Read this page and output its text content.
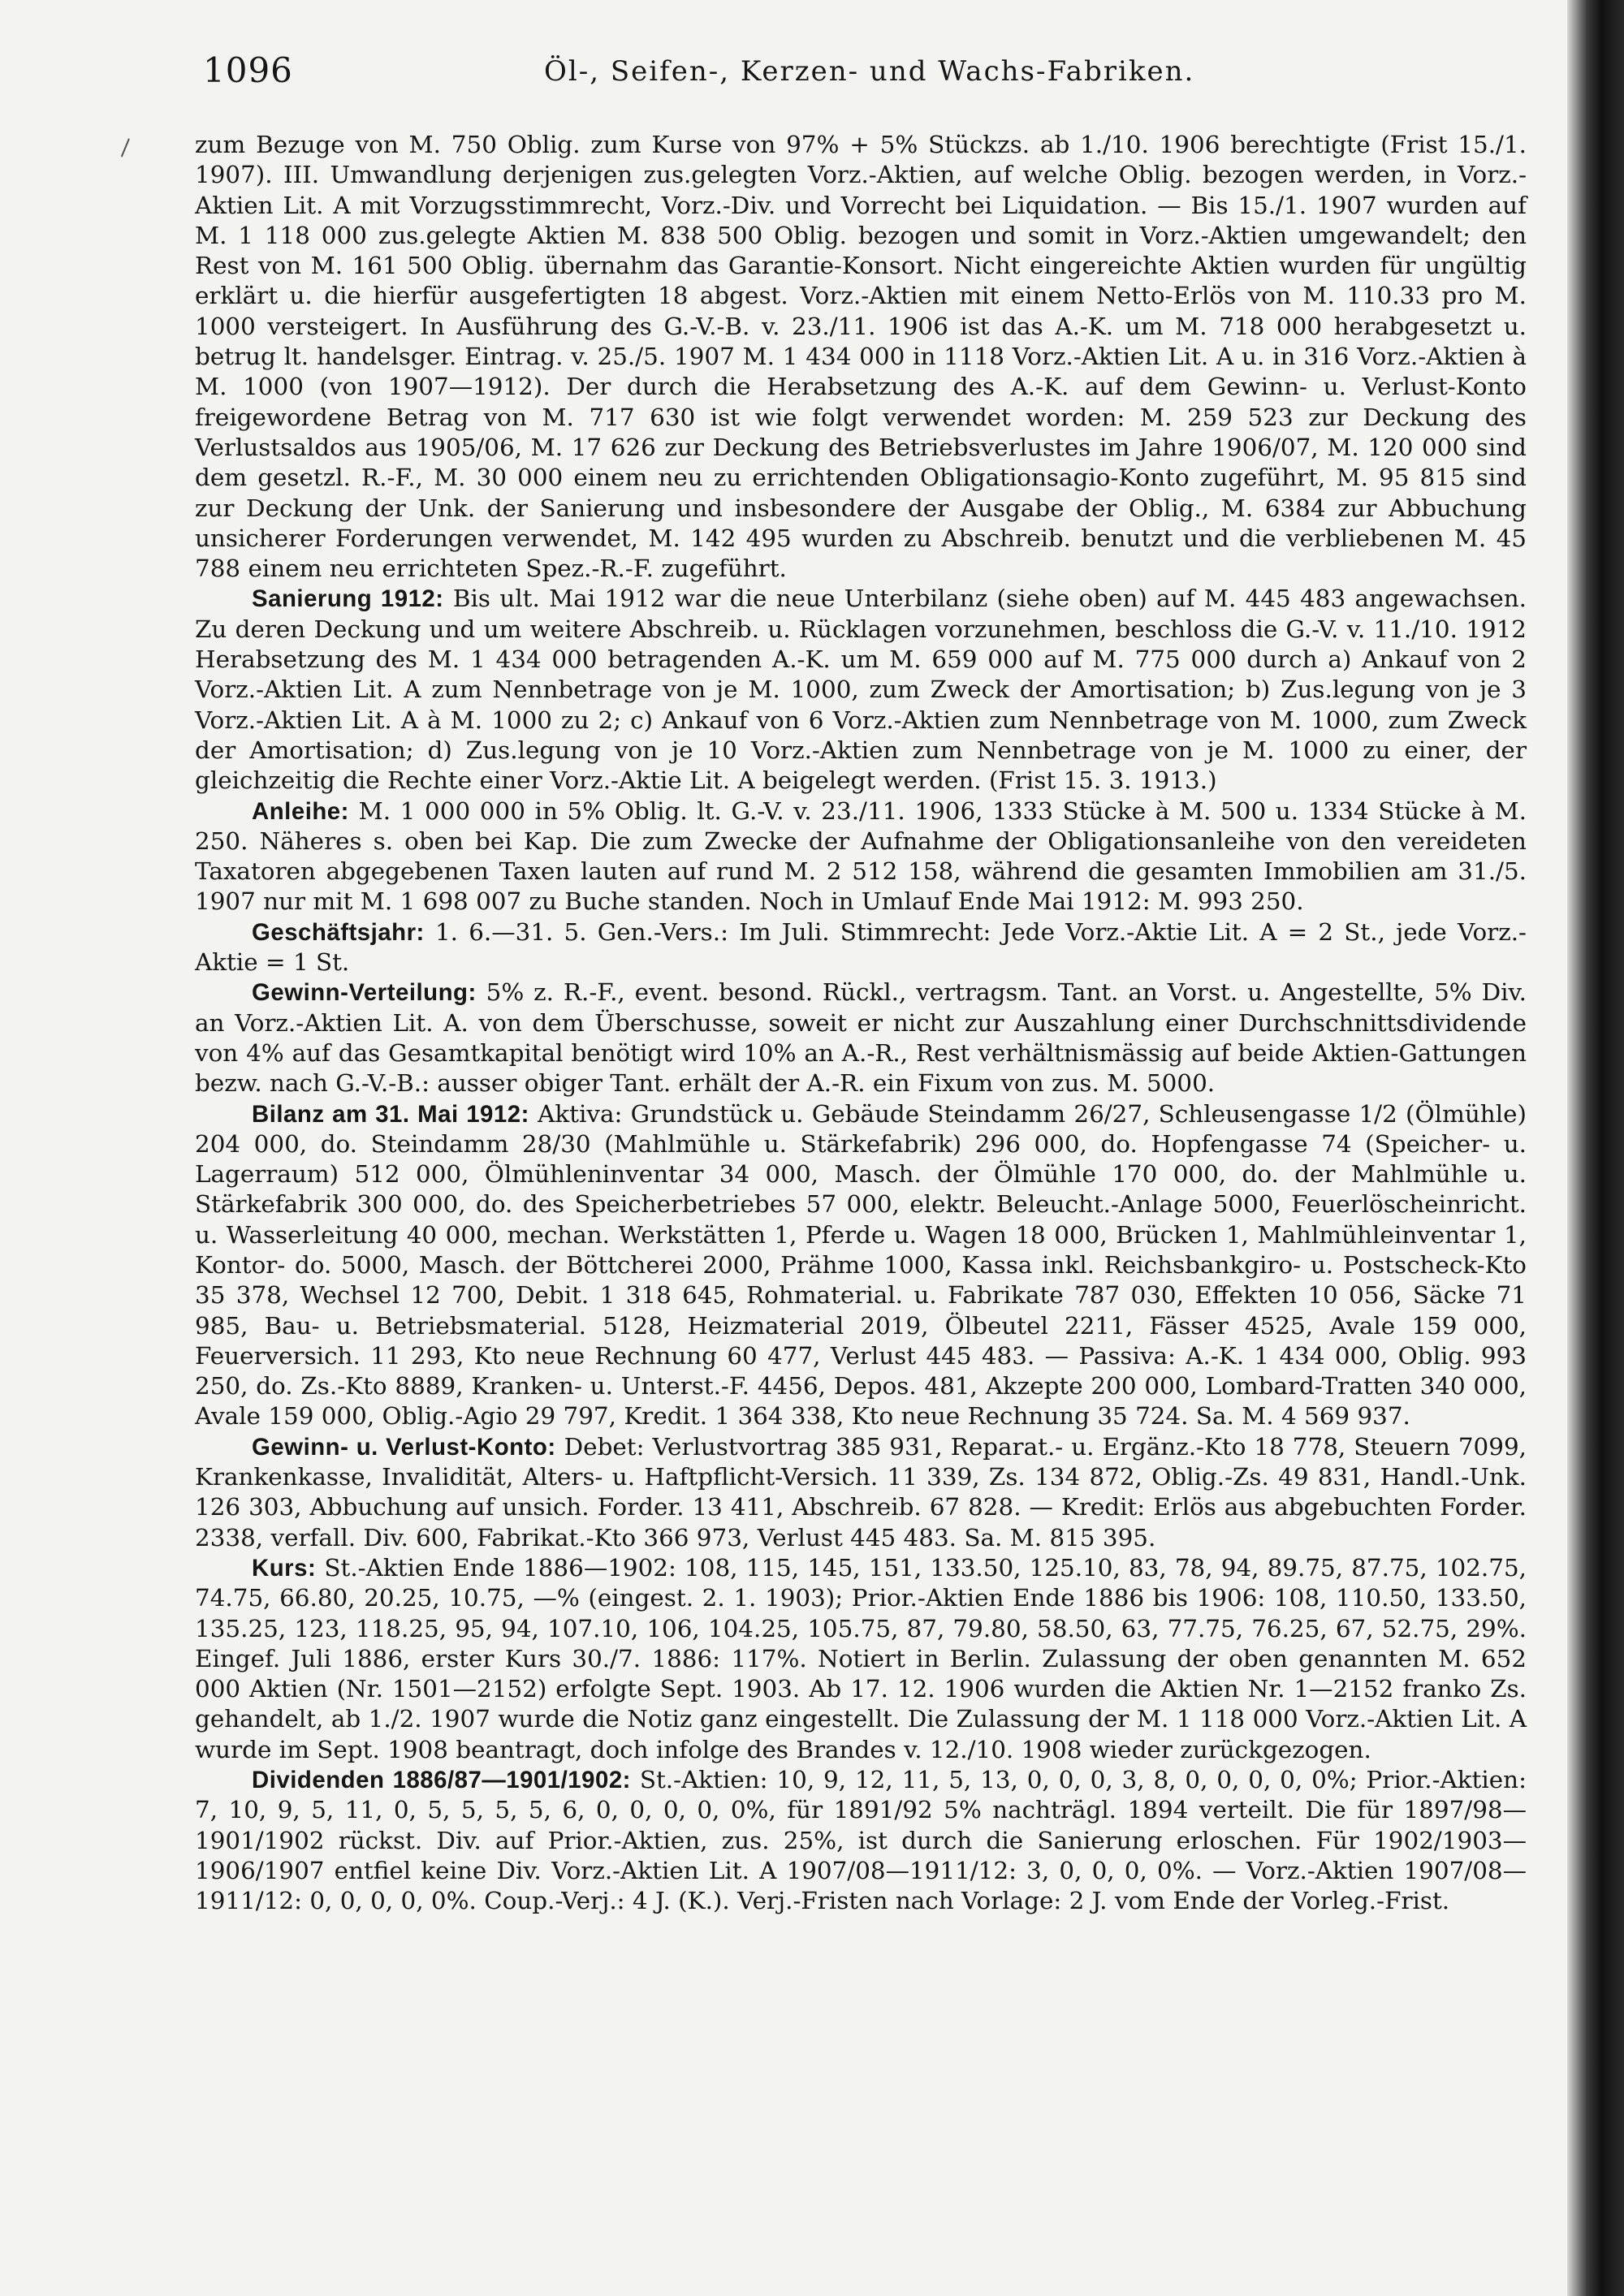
1096	Öl-, Seifen-, Kerzen- und Wachs-Fabriken.
\ zum Bezuge von M. 750 Oblig. zum Kurse von 97% + 5% Stückzs. ab 1./10. 1906 berechtigte (Frist 15./1. 1907). III. Umwandlung derjenigen zus.gelegten Vorz.-Aktien, auf welche Oblig. bezogen werden, in Vorz.-Aktien Lit. A mit Vorzugsstimmrecht, Vorz.-Div. und Vorrecht bei Liquidation. — Bis 15./1. 1907 wurden auf M. 1 118 000 zus.gelegte Aktien M. 838 500 Oblig. bezogen und somit in Vorz.-Aktien umgewandelt; den Rest von M. 161 500 Oblig. übernahm das Garantie-Konsort. Nicht eingereichte Aktien wurden für ungültig erklärt u. die hierfür ausgefertigten 18 abgest. Vorz.-Aktien mit einem Netto-Erlös von M. 110.33 pro M. 1000 versteigert. In Ausführung des G.-V.-B. v. 23./11. 1906 ist das A.-K. um M. 718 000 herabgesetzt u. betrug lt. handelsger. Eintrag. v. 25./5. 1907 M. 1 434 000 in 1118 Vorz.-Aktien Lit. A u. in 316 Vorz.-Aktien à M. 1000 (von 1907—1912). Der durch die Herabsetzung des A.-K. auf dem Gewinn- u. Verlust-Konto freigewordene Betrag von M. 717 630 ist wie folgt verwendet worden: M. 259 523 zur Deckung des Verlustsaldos aus 1905/06, M. 17 626 zur Deckung des Betriebsverlustes im Jahre 1906/07, M. 120 000 sind dem gesetzl. R.-F., M. 30 000 einem neu zu errichtenden Obligationsagio-Konto zugeführt, M. 95 815 sind zur Deckung der Unk. der Sanierung und insbesondere der Ausgabe der Oblig., M. 6384 zur Abbuchung unsicherer Forderungen verwendet, M. 142 495 wurden zu Abschreib. benutzt und die verbliebenen M. 45 788 einem neu errichteten Spez.-R.-F. zugeführt.

Sanierung 1912: Bis ult. Mai 1912 war die neue Unterbilanz (siehe oben) auf M. 445 483 angewachsen. Zu deren Deckung und um weitere Abschreib. u. Rücklagen vorzunehmen, beschloss die G.-V. v. 11./10. 1912 Herabsetzung des M. 1 434 000 betragenden A.-K. um M. 659 000 auf M. 775 000 durch a) Ankauf von 2 Vorz.-Aktien Lit. A zum Nennbetrage von je M. 1000, zum Zweck der Amortisation; b) Zus.legung von je 3 Vorz.-Aktien Lit. A à M. 1000 zu 2; c) Ankauf von 6 Vorz.-Aktien zum Nennbetrage von M. 1000, zum Zweck der Amortisation; d) Zus.legung von je 10 Vorz.-Aktien zum Nennbetrage von je M. 1000 zu einer, der gleichzeitig die Rechte einer Vorz.-Aktie Lit. A beigelegt werden. (Frist 15. 3. 1913.)

Anleihe: M. 1 000 000 in 5% Oblig. lt. G.-V. v. 23./11. 1906, 1333 Stücke à M. 500 u. 1334 Stücke à M. 250. Näheres s. oben bei Kap. Die zum Zwecke der Aufnahme der Obligationsanleihe von den vereideten Taxatoren abgegebenen Taxen lauten auf rund M. 2 512 158, während die gesamten Immobilien am 31./5. 1907 nur mit M. 1 698 007 zu Buche standen. Noch in Umlauf Ende Mai 1912: M. 993 250.

Geschäftsjahr: 1. 6.—31. 5. Gen.-Vers.: Im Juli. Stimmrecht: Jede Vorz.-Aktie Lit. A = 2 St., jede Vorz.-Aktie = 1 St.

Gewinn-Verteilung: 5% z. R.-F., event. besond. Rückl., vertragsm. Tant. an Vorst. u. Angestellte, 5% Div. an Vorz.-Aktien Lit. A. von dem Überschusse, soweit er nicht zur Auszahlung einer Durchschnittsdividende von 4% auf das Gesamtkapital benötigt wird 10% an A.-R., Rest verhältnismässig auf beide Aktien-Gattungen bezw. nach G.-V.-B.: ausser obiger Tant. erhält der A.-R. ein Fixum von zus. M. 5000.

Bilanz am 31. Mai 1912: Aktiva: Grundstück u. Gebäude Steindamm 26/27, Schleusengasse 1/2 (Ölmühle) 204 000, do. Steindamm 28/30 (Mahlmühle u. Stärkefabrik) 296 000, do. Hopfengasse 74 (Speicher- u. Lagerraum) 512 000, Ölmühleninventar 34 000, Masch. der Ölmühle 170 000, do. der Mahlmühle u. Stärkefabrik 300 000, do. des Speicherbetriebes 57 000, elektr. Beleucht.-Anlage 5000, Feuerlöscheinricht. u. Wasserleitung 40 000, mechan. Werkstätten 1, Pferde u. Wagen 18 000, Brücken 1, Mahlmühleinventar 1, Kontor- do. 5000, Masch. der Böttcherei 2000, Prähme 1000, Kassa inkl. Reichsbankgiro- u. Postscheck-Kto 35 378, Wechsel 12 700, Debit. 1 318 645, Rohmaterial. u. Fabrikate 787 030, Effekten 10 056, Säcke 71 985, Bau- u. Betriebsmaterial. 5128, Heizmaterial 2019, Ölbeutel 2211, Fässer 4525, Avale 159 000, Feuerversich. 11 293, Kto neue Rechnung 60 477, Verlust 445 483. — Passiva: A.-K. 1 434 000, Oblig. 993 250, do. Zs.-Kto 8889, Kranken- u. Unterst.-F. 4456, Depos. 481, Akzepte 200 000, Lombard-Tratten 340 000, Avale 159 000, Oblig.-Agio 29 797, Kredit. 1 364 338, Kto neue Rechnung 35 724. Sa. M. 4 569 937.

Gewinn- u. Verlust-Konto: Debet: Verlustvortrag 385 931, Reparat.- u. Ergänz.-Kto 18 778, Steuern 7099, Krankenkasse, Invalidität, Alters- u. Haftpflicht-Versich. 11 339, Zs. 134 872, Oblig.-Zs. 49 831, Handl.-Unk. 126 303, Abbuchung auf unsich. Forder. 13 411, Abschreib. 67 828. — Kredit: Erlös aus abgebuchten Forder. 2338, verfall. Div. 600, Fabrikat.-Kto 366 973, Verlust 445 483. Sa. M. 815 395.

Kurs: St.-Aktien Ende 1886—1902: 108, 115, 145, 151, 133.50, 125.10, 83, 78, 94, 89.75, 87.75, 102.75, 74.75, 66.80, 20.25, 10.75, —% (eingest. 2. 1. 1903); Prior.-Aktien Ende 1886 bis 1906: 108, 110.50, 133.50, 135.25, 123, 118.25, 95, 94, 107.10, 106, 104.25, 105.75, 87, 79.80, 58.50, 63, 77.75, 76.25, 67, 52.75, 29%. Eingef. Juli 1886, erster Kurs 30./7. 1886: 117%. Notiert in Berlin. Zulassung der oben genannten M. 652 000 Aktien (Nr. 1501—2152) erfolgte Sept. 1903. Ab 17. 12. 1906 wurden die Aktien Nr. 1—2152 franko Zs. gehandelt, ab 1./2. 1907 wurde die Notiz ganz eingestellt. Die Zulassung der M. 1 118 000 Vorz.-Aktien Lit. A wurde im Sept. 1908 beantragt, doch infolge des Brandes v. 12./10. 1908 wieder zurückgezogen.

Dividenden 1886/87—1901/1902: St.-Aktien: 10, 9, 12, 11, 5, 13, 0, 0, 0, 3, 8, 0, 0, 0, 0, 0%; Prior.-Aktien: 7, 10, 9, 5, 11, 0, 5, 5, 5, 5, 6, 0, 0, 0, 0, 0%, für 1891/92 5% nachträgl. 1894 verteilt. Die für 1897/98—1901/1902 rückst. Div. auf Prior.-Aktien, zus. 25%, ist durch die Sanierung erloschen. Für 1902/1903—1906/1907 entfiel keine Div. Vorz.-Aktien Lit. A 1907/08—1911/12: 3, 0, 0, 0, 0%. — Vorz.-Aktien 1907/08—1911/12: 0, 0, 0, 0, 0%. Coup.-Verj.: 4 J. (K.). Verj.-Fristen nach Vorlage: 2 J. vom Ende der Vorleg.-Frist.
